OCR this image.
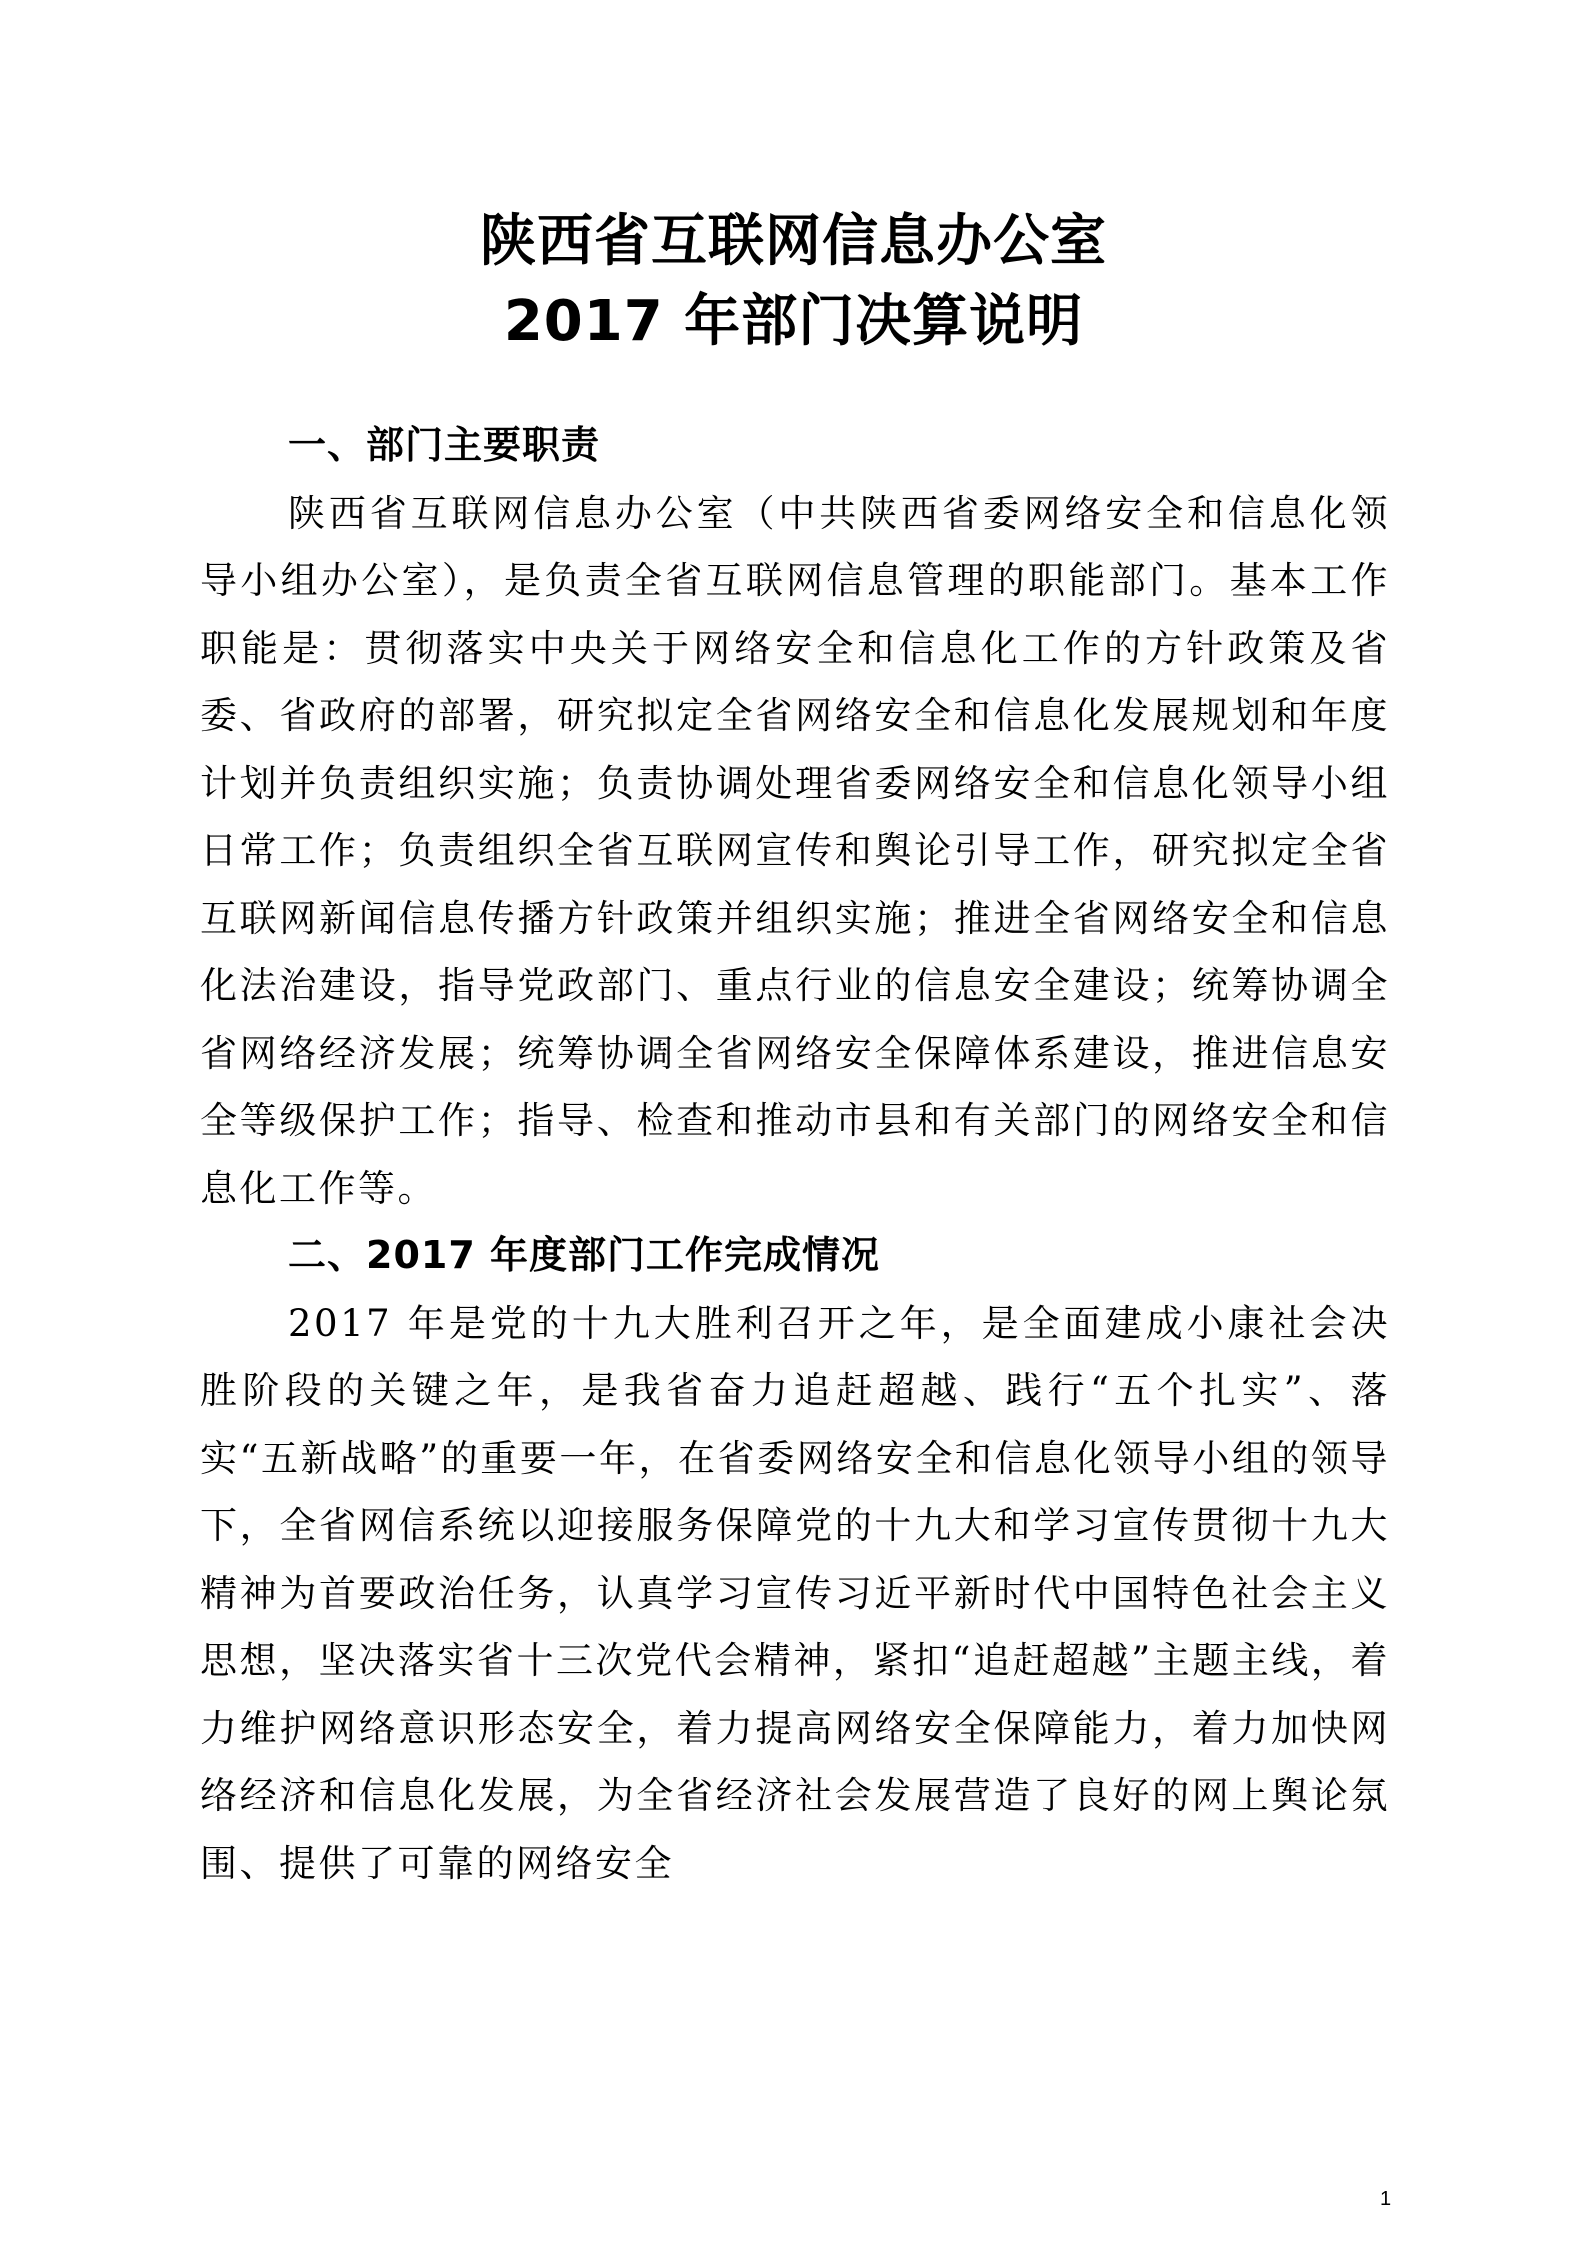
陕西省互联网信息办公室
2017 年部门决算说明

一、部门主要职责

陕西省互联网信息办公室（中共陕西省委网络安全和信息化领导小组办公室），是负责全省互联网信息管理的职能部门。基本工作职能是：贯彻落实中央关于网络安全和信息化工作的方针政策及省委、省政府的部署，研究拟定全省网络安全和信息化发展规划和年度计划并负责组织实施；负责协调处理省委网络安全和信息化领导小组日常工作；负责组织全省互联网宣传和舆论引导工作，研究拟定全省互联网新闻信息传播方针政策并组织实施；推进全省网络安全和信息化法治建设，指导党政部门、重点行业的信息安全建设；统筹协调全省网络经济发展；统筹协调全省网络安全保障体系建设，推进信息安全等级保护工作；指导、检查和推动市县和有关部门的网络安全和信息化工作等。

二、2017 年度部门工作完成情况

2017 年是党的十九大胜利召开之年，是全面建成小康社会决胜阶段的关键之年，是我省奋力追赶超越、践行“五个扎实”、落实“五新战略”的重要一年，在省委网络安全和信息化领导小组的领导下，全省网信系统以迎接服务保障党的十九大和学习宣传贯彻十九大精神为首要政治任务，认真学习宣传习近平新时代中国特色社会主义思想，坚决落实省十三次党代会精神，紧扣“追赶超越”主题主线，着力维护网络意识形态安全，着力提高网络安全保障能力，着力加快网络经济和信息化发展，为全省经济社会发展营造了良好的网上舆论氛围、提供了可靠的网络安全

1
